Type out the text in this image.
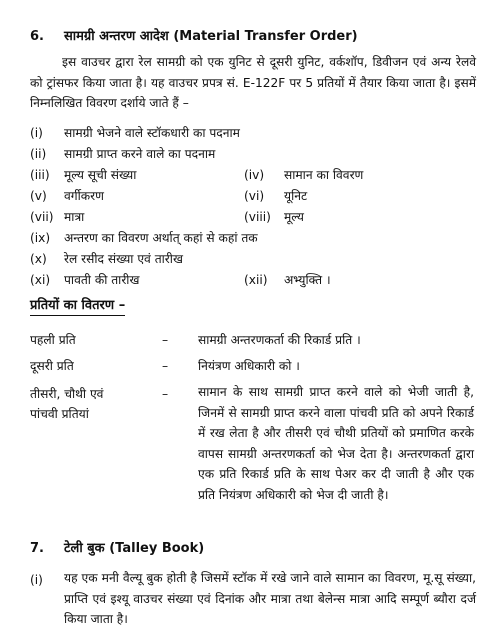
6. सामग्री अन्तरण आदेश (Material Transfer Order)
इस वाउचर द्वारा रेल सामग्री को एक युनिट से दूसरी युनिट, वर्कशॉप, डिवीजन एवं अन्य रेलवे को ट्रांसफर किया जाता है। यह वाउचर प्रपत्र सं. E-122F पर 5 प्रतियों में तैयार किया जाता है। इसमें निम्नलिखित विवरण दर्शाये जाते हैं –
(i) सामग्री भेजने वाले स्टॉकधारी का पदनाम
(ii) सामग्री प्राप्त करने वाले का पदनाम
(iii) मूल्य सूची संख्या	(iv) सामान का विवरण
(v) वर्गीकरण	(vi) यूनिट
(vii) मात्रा	(viii) मूल्य
(ix) अन्तरण का विवरण अर्थात् कहां से कहां तक
(x) रेल रसीद संख्या एवं तारीख
(xi) पावती की तारीख	(xii) अभ्युक्ति ।
प्रतियों का वितरण –
पहली प्रति	– सामग्री अन्तरणकर्ता की रिकार्ड प्रति ।
दूसरी प्रति	– नियंत्रण अधिकारी को ।
तीसरी, चौथी एवं
पांचवी प्रतियां
– सामान के साथ सामग्री प्राप्त करने वाले को भेजी जाती है, जिनमें से सामग्री प्राप्त करने वाला पांचवी प्रति को अपने रिकार्ड में रख लेता है और तीसरी एवं चौथी प्रतियों को प्रमाणित करके वापस सामग्री अन्तरणकर्ता को भेज देता है। अन्तरणकर्ता द्वारा एक प्रति रिकार्ड प्रति के साथ पेअर कर दी जाती है और एक प्रति नियंत्रण अधिकारी को भेज दी जाती है।
7. टेली बुक (Talley Book)
(i) यह एक मनी वैल्यू बुक होती है जिसमें स्टॉक में रखे जाने वाले सामान का विवरण, मू.सू संख्या, प्राप्ति एवं इश्यू वाउचर संख्या एवं दिनांक और मात्रा तथा बेलेन्स मात्रा आदि सम्पूर्ण ब्यौरा दर्ज किया जाता है।
